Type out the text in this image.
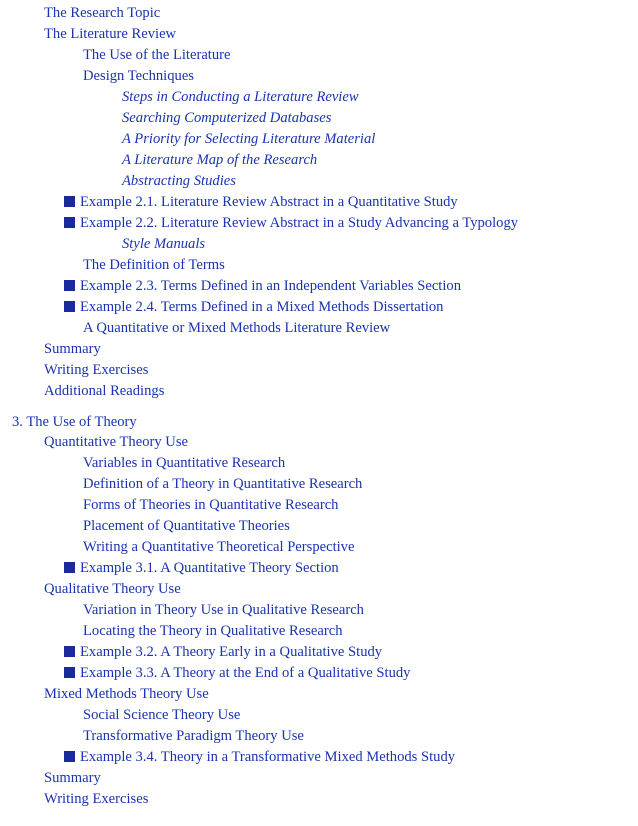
The Research Topic
The Literature Review
The Use of the Literature
Design Techniques
Steps in Conducting a Literature Review
Searching Computerized Databases
A Priority for Selecting Literature Material
A Literature Map of the Research
Abstracting Studies
Example 2.1. Literature Review Abstract in a Quantitative Study
Example 2.2. Literature Review Abstract in a Study Advancing a Typology
Style Manuals
The Definition of Terms
Example 2.3. Terms Defined in an Independent Variables Section
Example 2.4. Terms Defined in a Mixed Methods Dissertation
A Quantitative or Mixed Methods Literature Review
Summary
Writing Exercises
Additional Readings
3. The Use of Theory
Quantitative Theory Use
Variables in Quantitative Research
Definition of a Theory in Quantitative Research
Forms of Theories in Quantitative Research
Placement of Quantitative Theories
Writing a Quantitative Theoretical Perspective
Example 3.1. A Quantitative Theory Section
Qualitative Theory Use
Variation in Theory Use in Qualitative Research
Locating the Theory in Qualitative Research
Example 3.2. A Theory Early in a Qualitative Study
Example 3.3. A Theory at the End of a Qualitative Study
Mixed Methods Theory Use
Social Science Theory Use
Transformative Paradigm Theory Use
Example 3.4. Theory in a Transformative Mixed Methods Study
Summary
Writing Exercises
